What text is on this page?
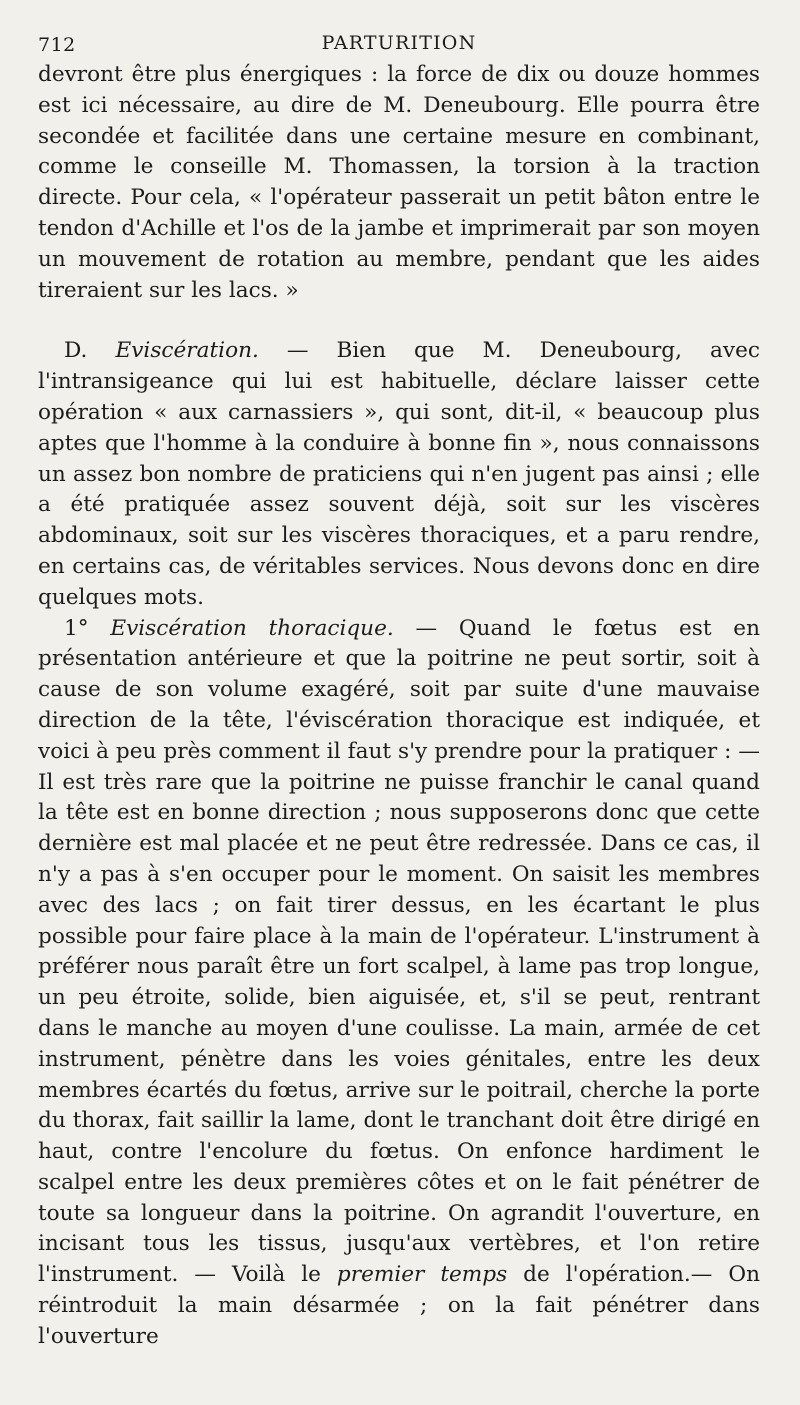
712	PARTURITION

devront être plus énergiques : la force de dix ou douze hommes est ici nécessaire, au dire de M. Deneubourg. Elle pourra être secondée et facilitée dans une certaine mesure en combinant, comme le conseille M. Thomassen, la torsion à la traction directe. Pour cela, « l'opérateur passerait un petit bâton entre le tendon d'Achille et l'os de la jambe et imprimerait par son moyen un mouvement de rotation au membre, pendant que les aides tireraient sur les lacs. »

D. Eviscération. — Bien que M. Deneubourg, avec l'intransigeance qui lui est habituelle, déclare laisser cette opération « aux carnassiers », qui sont, dit-il, « beaucoup plus aptes que l'homme à la conduire à bonne fin », nous connaissons un assez bon nombre de praticiens qui n'en jugent pas ainsi ; elle a été pratiquée assez souvent déjà, soit sur les viscères abdominaux, soit sur les viscères thoraciques, et a paru rendre, en certains cas, de véritables services. Nous devons donc en dire quelques mots.

1° Eviscération thoracique. — Quand le fœtus est en présentation antérieure et que la poitrine ne peut sortir, soit à cause de son volume exagéré, soit par suite d'une mauvaise direction de la tête, l'éviscération thoracique est indiquée, et voici à peu près comment il faut s'y prendre pour la pratiquer : — Il est très rare que la poitrine ne puisse franchir le canal quand la tête est en bonne direction ; nous supposerons donc que cette dernière est mal placée et ne peut être redressée. Dans ce cas, il n'y a pas à s'en occuper pour le moment. On saisit les membres avec des lacs ; on fait tirer dessus, en les écartant le plus possible pour faire place à la main de l'opérateur. L'instrument à préférer nous paraît être un fort scalpel, à lame pas trop longue, un peu étroite, solide, bien aiguisée, et, s'il se peut, rentrant dans le manche au moyen d'une coulisse. La main, armée de cet instrument, pénètre dans les voies génitales, entre les deux membres écartés du fœtus, arrive sur le poitrail, cherche la porte du thorax, fait saillir la lame, dont le tranchant doit être dirigé en haut, contre l'encolure du fœtus. On enfonce hardiment le scalpel entre les deux premières côtes et on le fait pénétrer de toute sa longueur dans la poitrine. On agrandit l'ouverture, en incisant tous les tissus, jusqu'aux vertèbres, et l'on retire l'instrument. — Voilà le premier temps de l'opération.— On réintroduit la main désarmée ; on la fait pénétrer dans l'ouverture
